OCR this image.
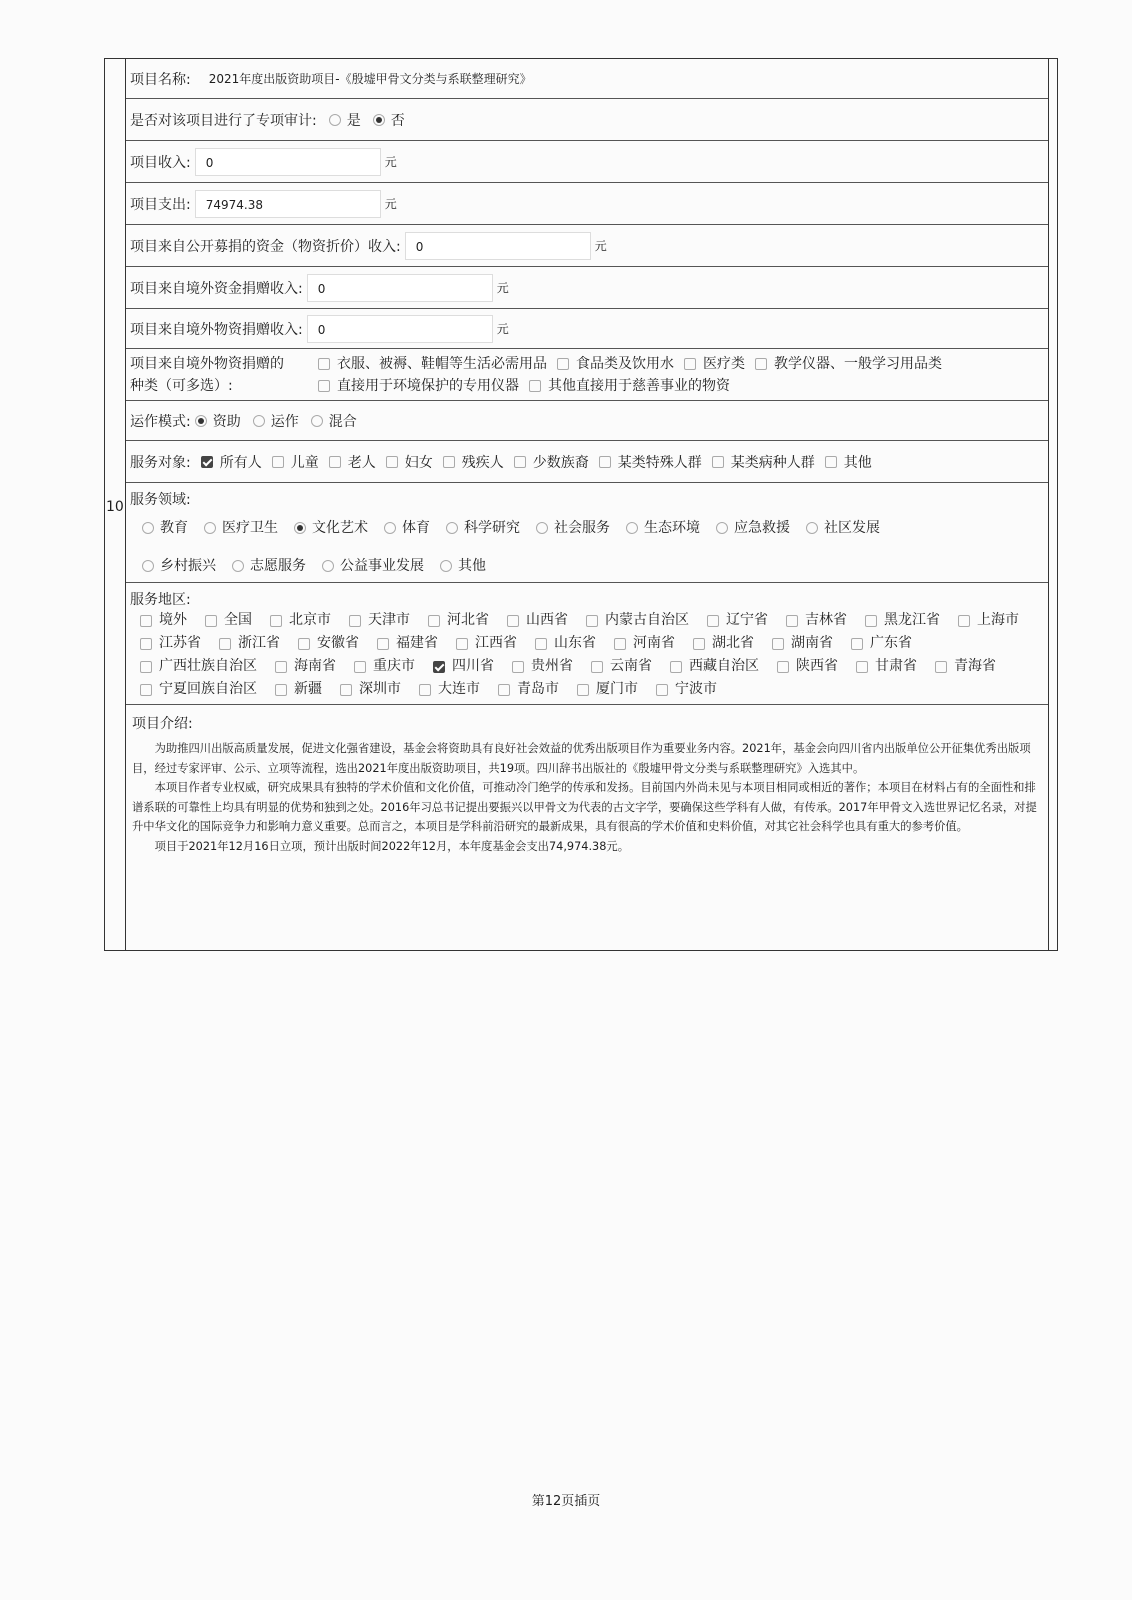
10
项目名称: 2021年度出版资助项目-《殷墟甲骨文分类与系联整理研究》
是否对该项目进行了专项审计: 是 否
项目收入:	0	元
项目支出:	74974.38	元
项目来自公开募捐的资金（物资折价）收入:	0	元
项目来自境外资金捐赠收入:	0	元
项目来自境外物资捐赠收入:	0	元
项目来自境外物资捐赠的
种类（可多选）:
衣服、被褥、鞋帽等生活必需用品 食品类及饮用水 医疗类 教学仪器、一般学习用品类
直接用于环境保护的专用仪器 其他直接用于慈善事业的物资
运作模式: 资助 运作 混合
服务对象: 所有人 儿童 老人 妇女 残疾人 少数族裔 某类特殊人群 某类病种人群 其他
服务领域:
教育 医疗卫生 文化艺术 体育 科学研究 社会服务 生态环境 应急救援 社区发展
乡村振兴 志愿服务 公益事业发展 其他
服务地区:
境外	全国	北京市	天津市	河北省	山西省	内蒙古自治区	辽宁省	吉林省	黑龙江省	上海市
江苏省	浙江省	安徽省	福建省	江西省	山东省	河南省	湖北省	湖南省	广东省
广西壮族自治区	海南省	重庆市	四川省	贵州省	云南省	西藏自治区	陕西省	甘肃省	青海省
宁夏回族自治区	新疆	深圳市	大连市	青岛市	厦门市	宁波市
项目介绍:

为助推四川出版高质量发展，促进文化强省建设，基金会将资助具有良好社会效益的优秀出版项目作为重要业务内容。2021年，基金会向四川省内出版单位公开征集优秀出版项目，经过专家评审、公示、立项等流程，选出2021年度出版资助项目，共19项。四川辞书出版社的《殷墟甲骨文分类与系联整理研究》入选其中。

本项目作者专业权威，研究成果具有独特的学术价值和文化价值，可推动冷门绝学的传承和发扬。目前国内外尚未见与本项目相同或相近的著作；本项目在材料占有的全面性和排谱系联的可靠性上均具有明显的优势和独到之处。2016年习总书记提出要振兴以甲骨文为代表的古文字学，要确保这些学科有人做，有传承。2017年甲骨文入选世界记忆名录，对提升中华文化的国际竞争力和影响力意义重要。总而言之，本项目是学科前沿研究的最新成果，具有很高的学术价值和史料价值，对其它社会科学也具有重大的参考价值。

项目于2021年12月16日立项，预计出版时间2022年12月，本年度基金会支出74,974.38元。

第12页插页
